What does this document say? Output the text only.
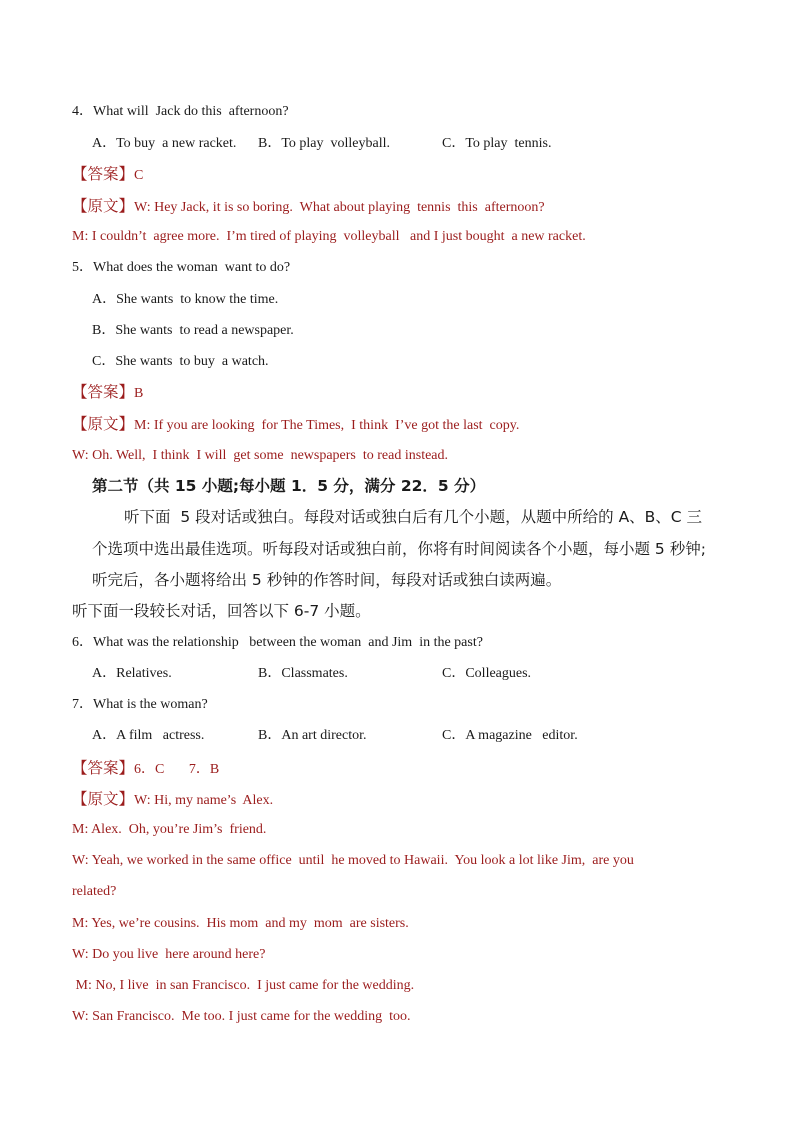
4．What will  Jack do this  afternoon?
A．To buy  a new racket. B．To play  volleyball.	C．To play  tennis.
【答案】C
【原文】W: Hey Jack, it is so boring.  What about playing  tennis  this  afternoon?
M: I couldn’t  agree more.  I’m tired of playing  volleyball   and I just bought  a new racket.
5．What does the woman  want to do?
A．She wants  to know the time.
B．She wants  to read a newspaper.
C．She wants  to buy  a watch.
【答案】B
【原文】M: If you are looking  for The Times,  I think  I’ve got the last  copy.
W: Oh. Well,  I think  I will  get some  newspapers  to read instead.
第二节（共 15 小题;每小题 1．5 分，满分 22．5 分）
听下面  5 段对话或独白。每段对话或独白后有几个小题，从题中所给的 A、B、C 三
个选项中选出最佳选项。听每段对话或独白前，你将有时间阅读各个小题，每小题 5 秒钟;
听完后，各小题将给出 5 秒钟的作答时间，每段对话或独白读两遍。
听下面一段较长对话，回答以下 6-7 小题。
6．What was the relationship   between the woman  and Jim  in the past?
A．Relatives.	B．Classmates.	C．Colleagues.
7．What is the woman?
A．A film   actress.	B．An art director.	C．A magazine   editor.
【答案】6．C       7．B
【原文】W: Hi, my name’s  Alex.
M: Alex.  Oh, you’re Jim’s  friend.
W: Yeah, we worked in the same office  until  he moved to Hawaii.  You look a lot like Jim,  are you
related?
M: Yes, we’re cousins.  His mom  and my  mom  are sisters.
W: Do you live  here around here?
M: No, I live  in san Francisco.  I just came for the wedding.
W: San Francisco.  Me too. I just came for the wedding  too.
